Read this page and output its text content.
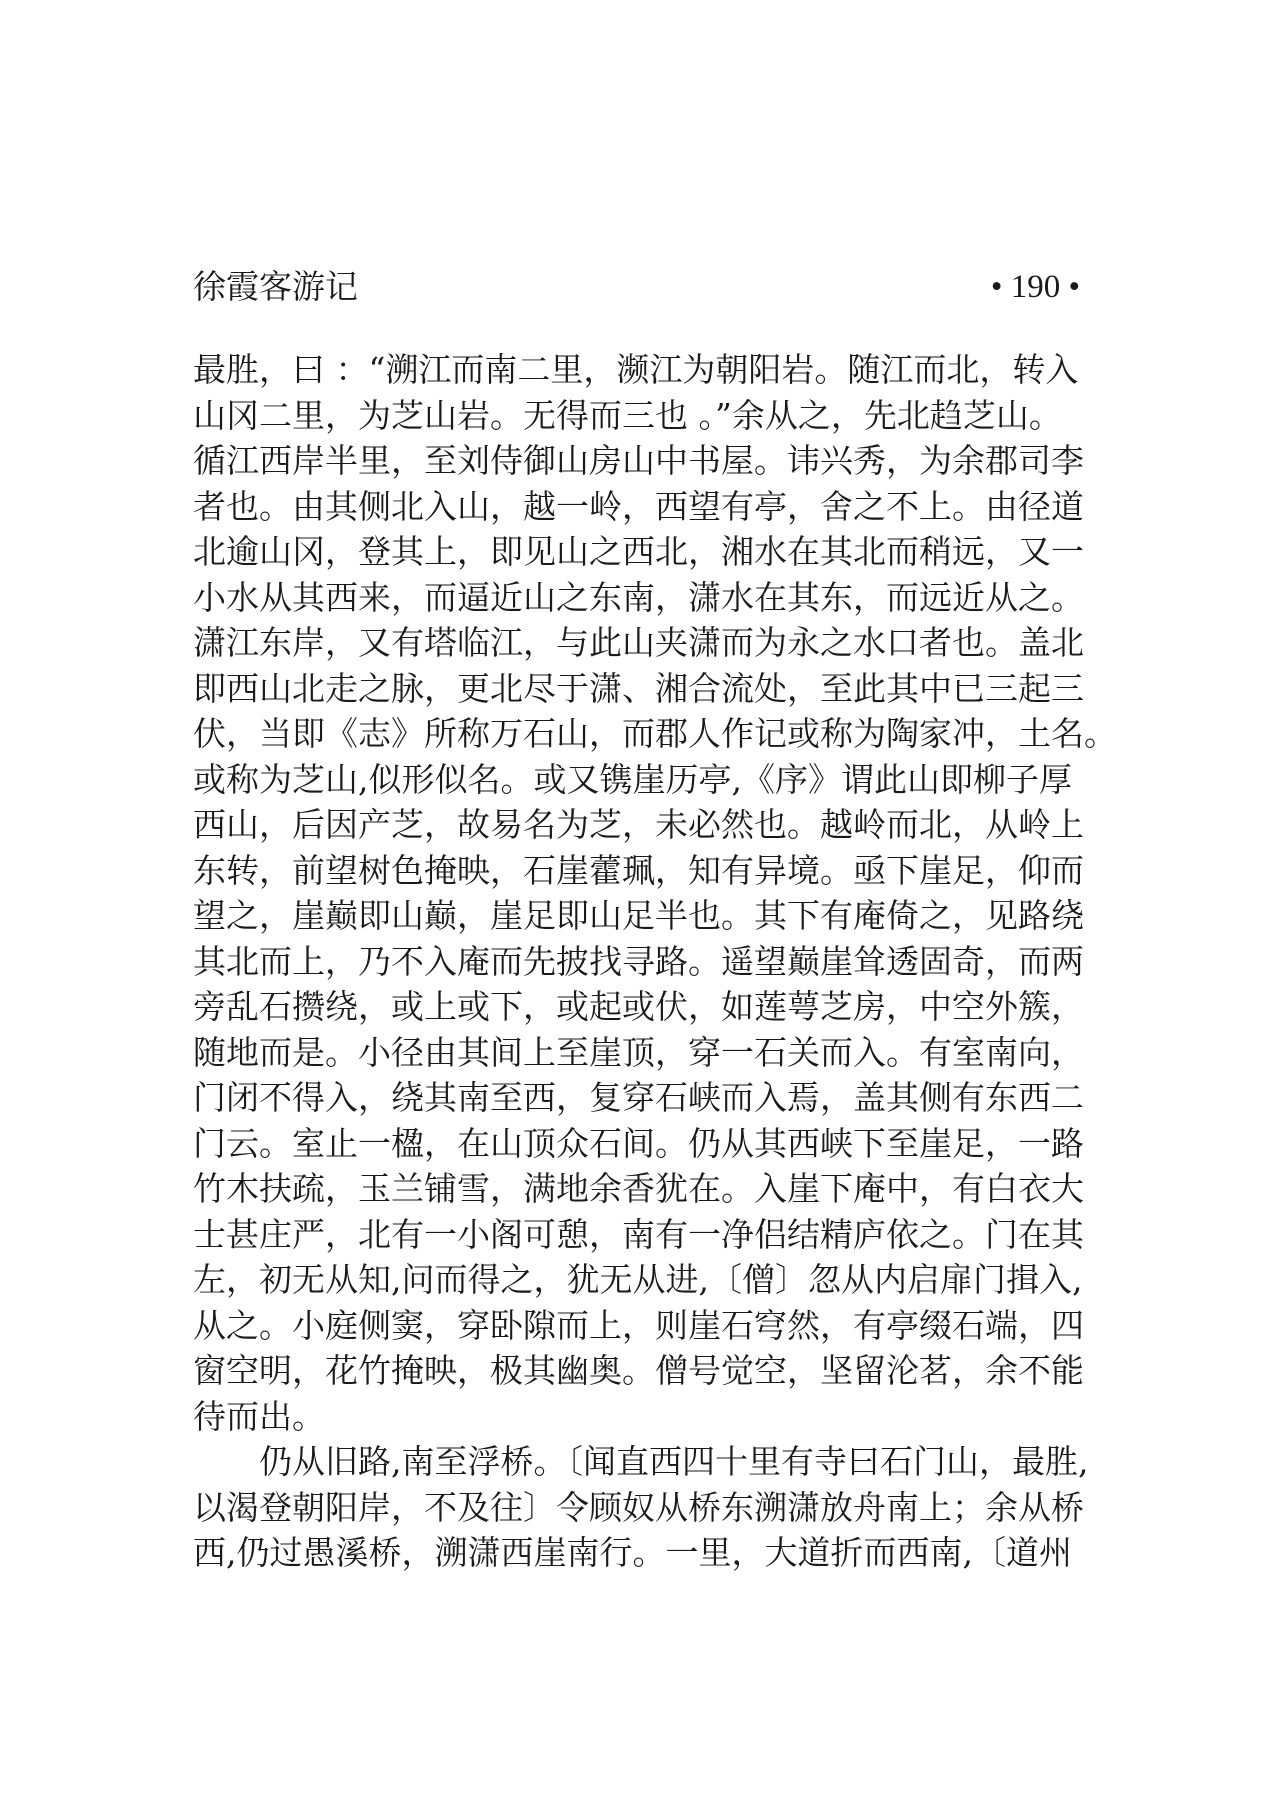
徐霞客游记	• 190 •
最胜，曰 ：“溯江而南二里，濒江为朝阳岩。随江而北，转入
山冈二里，为芝山岩。无得而三也 。”余从之，先北趋芝山。
循江西岸半里，至刘侍御山房山中书屋。讳兴秀，为余郡司李
者也。由其侧北入山，越一岭，西望有亭，舍之不上。由径道
北逾山冈，登其上，即见山之西北，湘水在其北而稍远，又一
小水从其西来，而逼近山之东南，潇水在其东，而远近从之。
潇江东岸，又有塔临江，与此山夹潇而为永之水口者也。盖北
即西山北走之脉，更北尽于潇、湘合流处，至此其中已三起三
伏，当即《志》所称万石山，而郡人作记或称为陶家冲，土名。
或称为芝山,似形似名。或又镌崖历亭,《序》谓此山即柳子厚
西山，后因产芝，故易名为芝，未必然也。越岭而北，从岭上
东转，前望树色掩映，石崖藿珮，知有异境。亟下崖足，仰而
望之，崖巅即山巅，崖足即山足半也。其下有庵倚之，见路绕
其北而上，乃不入庵而先披找寻路。遥望巅崖耸透固奇，而两
旁乱石攒绕，或上或下，或起或伏，如莲萼芝房，中空外簇，
随地而是。小径由其间上至崖顶，穿一石关而入。有室南向，
门闭不得入，绕其南至西，复穿石峡而入焉，盖其侧有东西二
门云。室止一楹，在山顶众石间。仍从其西峡下至崖足，一路
竹木扶疏，玉兰铺雪，满地余香犹在。入崖下庵中，有白衣大
士甚庄严，北有一小阁可憩，南有一净侣结精庐依之。门在其
左，初无从知,问而得之，犹无从进,〔僧〕忽从内启扉门揖入,
从之。小庭侧窦，穿卧隙而上，则崖石穹然，有亭缀石端，四
窗空明，花竹掩映，极其幽奥。僧号觉空，坚留沦茗，余不能
待而出。
仍从旧路,南至浮桥。〔闻直西四十里有寺曰石门山，最胜,
以渴登朝阳岸，不及往〕令顾奴从桥东溯潇放舟南上；余从桥
西,仍过愚溪桥，溯潇西崖南行。一里，大道折而西南,〔道州
